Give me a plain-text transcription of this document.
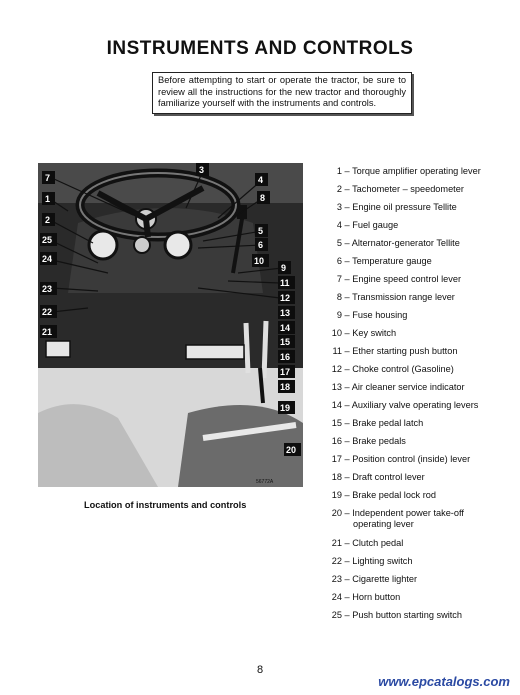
INSTRUMENTS AND CONTROLS
Before attempting to start or operate the tractor, be sure to review all the instructions for the new tractor and thoroughly familiarize yourself with the instruments and controls.
56772A
7
1
2
25
24
23
22
21
3
4
8
5
6
10
9
11
12
13
14
15
16
17
18
19
20
Location of instruments and controls
1 – Torque amplifier operating lever
2 – Tachometer – speedometer
3 – Engine oil pressure Tellite
4 – Fuel gauge
5 – Alternator-generator Tellite
6 – Temperature gauge
7 – Engine speed control lever
8 – Transmission range lever
9 – Fuse housing
10 – Key switch
11 – Ether starting push button
12 – Choke control (Gasoline)
13 – Air cleaner service indicator
14 – Auxiliary valve operating levers
15 – Brake pedal latch
16 – Brake pedals
17 – Position control (inside) lever
18 – Draft control lever
19 – Brake pedal lock rod
20 – Independent power take-off
operating lever
21 – Clutch pedal
22 – Lighting switch
23 – Cigarette lighter
24 – Horn button
25 – Push button starting switch
8
www.epcatalogs.com
